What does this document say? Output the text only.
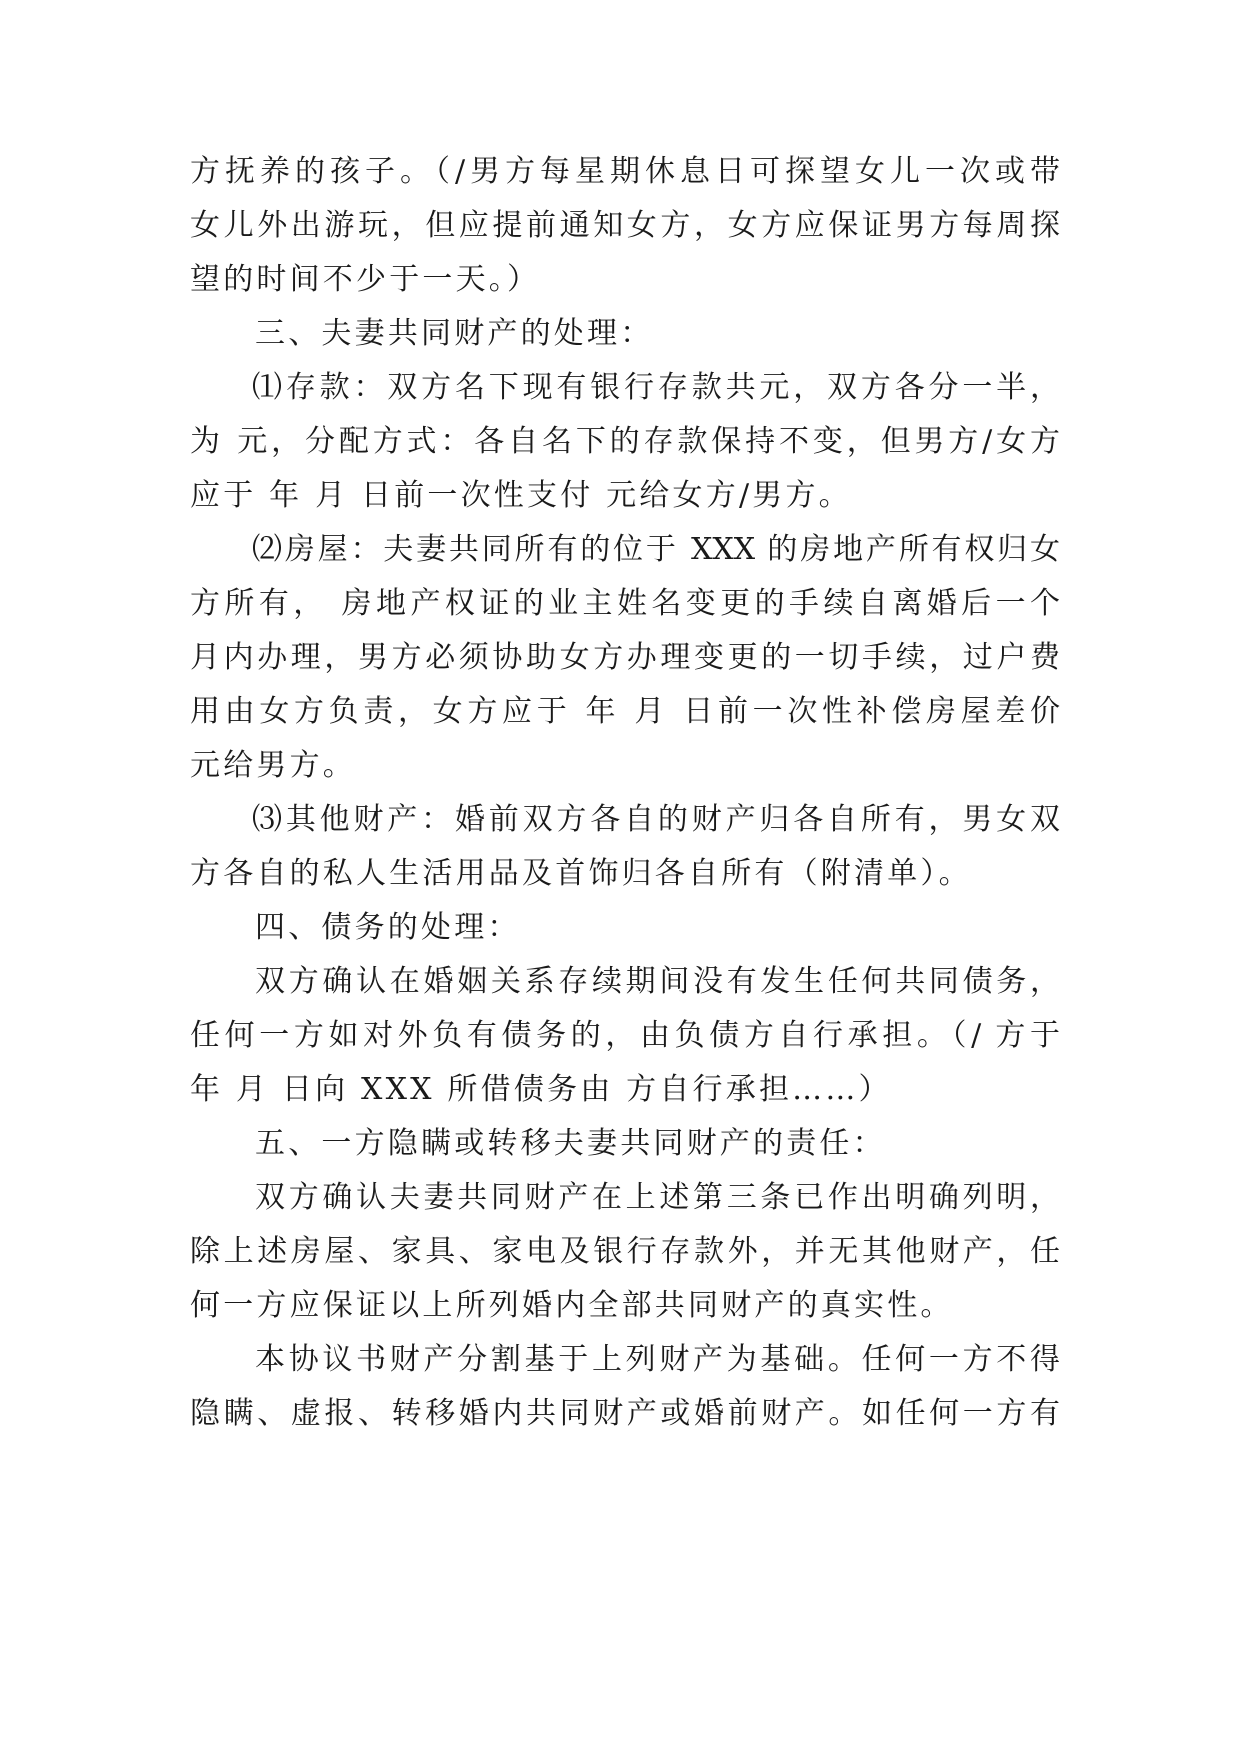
方抚养的孩子。（/男方每星期休息日可探望女儿一次或带
女儿外出游玩，但应提前通知女方，女方应保证男方每周探
望的时间不少于一天。）
三、夫妻共同财产的处理：
⑴存款：双方名下现有银行存款共元，双方各分一半，
为 元，分配方式：各自名下的存款保持不变，但男方/女方
应于 年 月 日前一次性支付 元给女方/男方。
⑵房屋：夫妻共同所有的位于 XXX 的房地产所有权归女
方所有， 房地产权证的业主姓名变更的手续自离婚后一个
月内办理，男方必须协助女方办理变更的一切手续，过户费
用由女方负责，女方应于 年 月 日前一次性补偿房屋差价
元给男方。
⑶其他财产：婚前双方各自的财产归各自所有，男女双
方各自的私人生活用品及首饰归各自所有（附清单）。
四、债务的处理：
双方确认在婚姻关系存续期间没有发生任何共同债务，
任何一方如对外负有债务的，由负债方自行承担。（/ 方于
年 月 日向 XXX 所借债务由 方自行承担……）
五、一方隐瞒或转移夫妻共同财产的责任：
双方确认夫妻共同财产在上述第三条已作出明确列明，
除上述房屋、家具、家电及银行存款外，并无其他财产，任
何一方应保证以上所列婚内全部共同财产的真实性。
本协议书财产分割基于上列财产为基础。任何一方不得
隐瞒、虚报、转移婚内共同财产或婚前财产。如任何一方有
